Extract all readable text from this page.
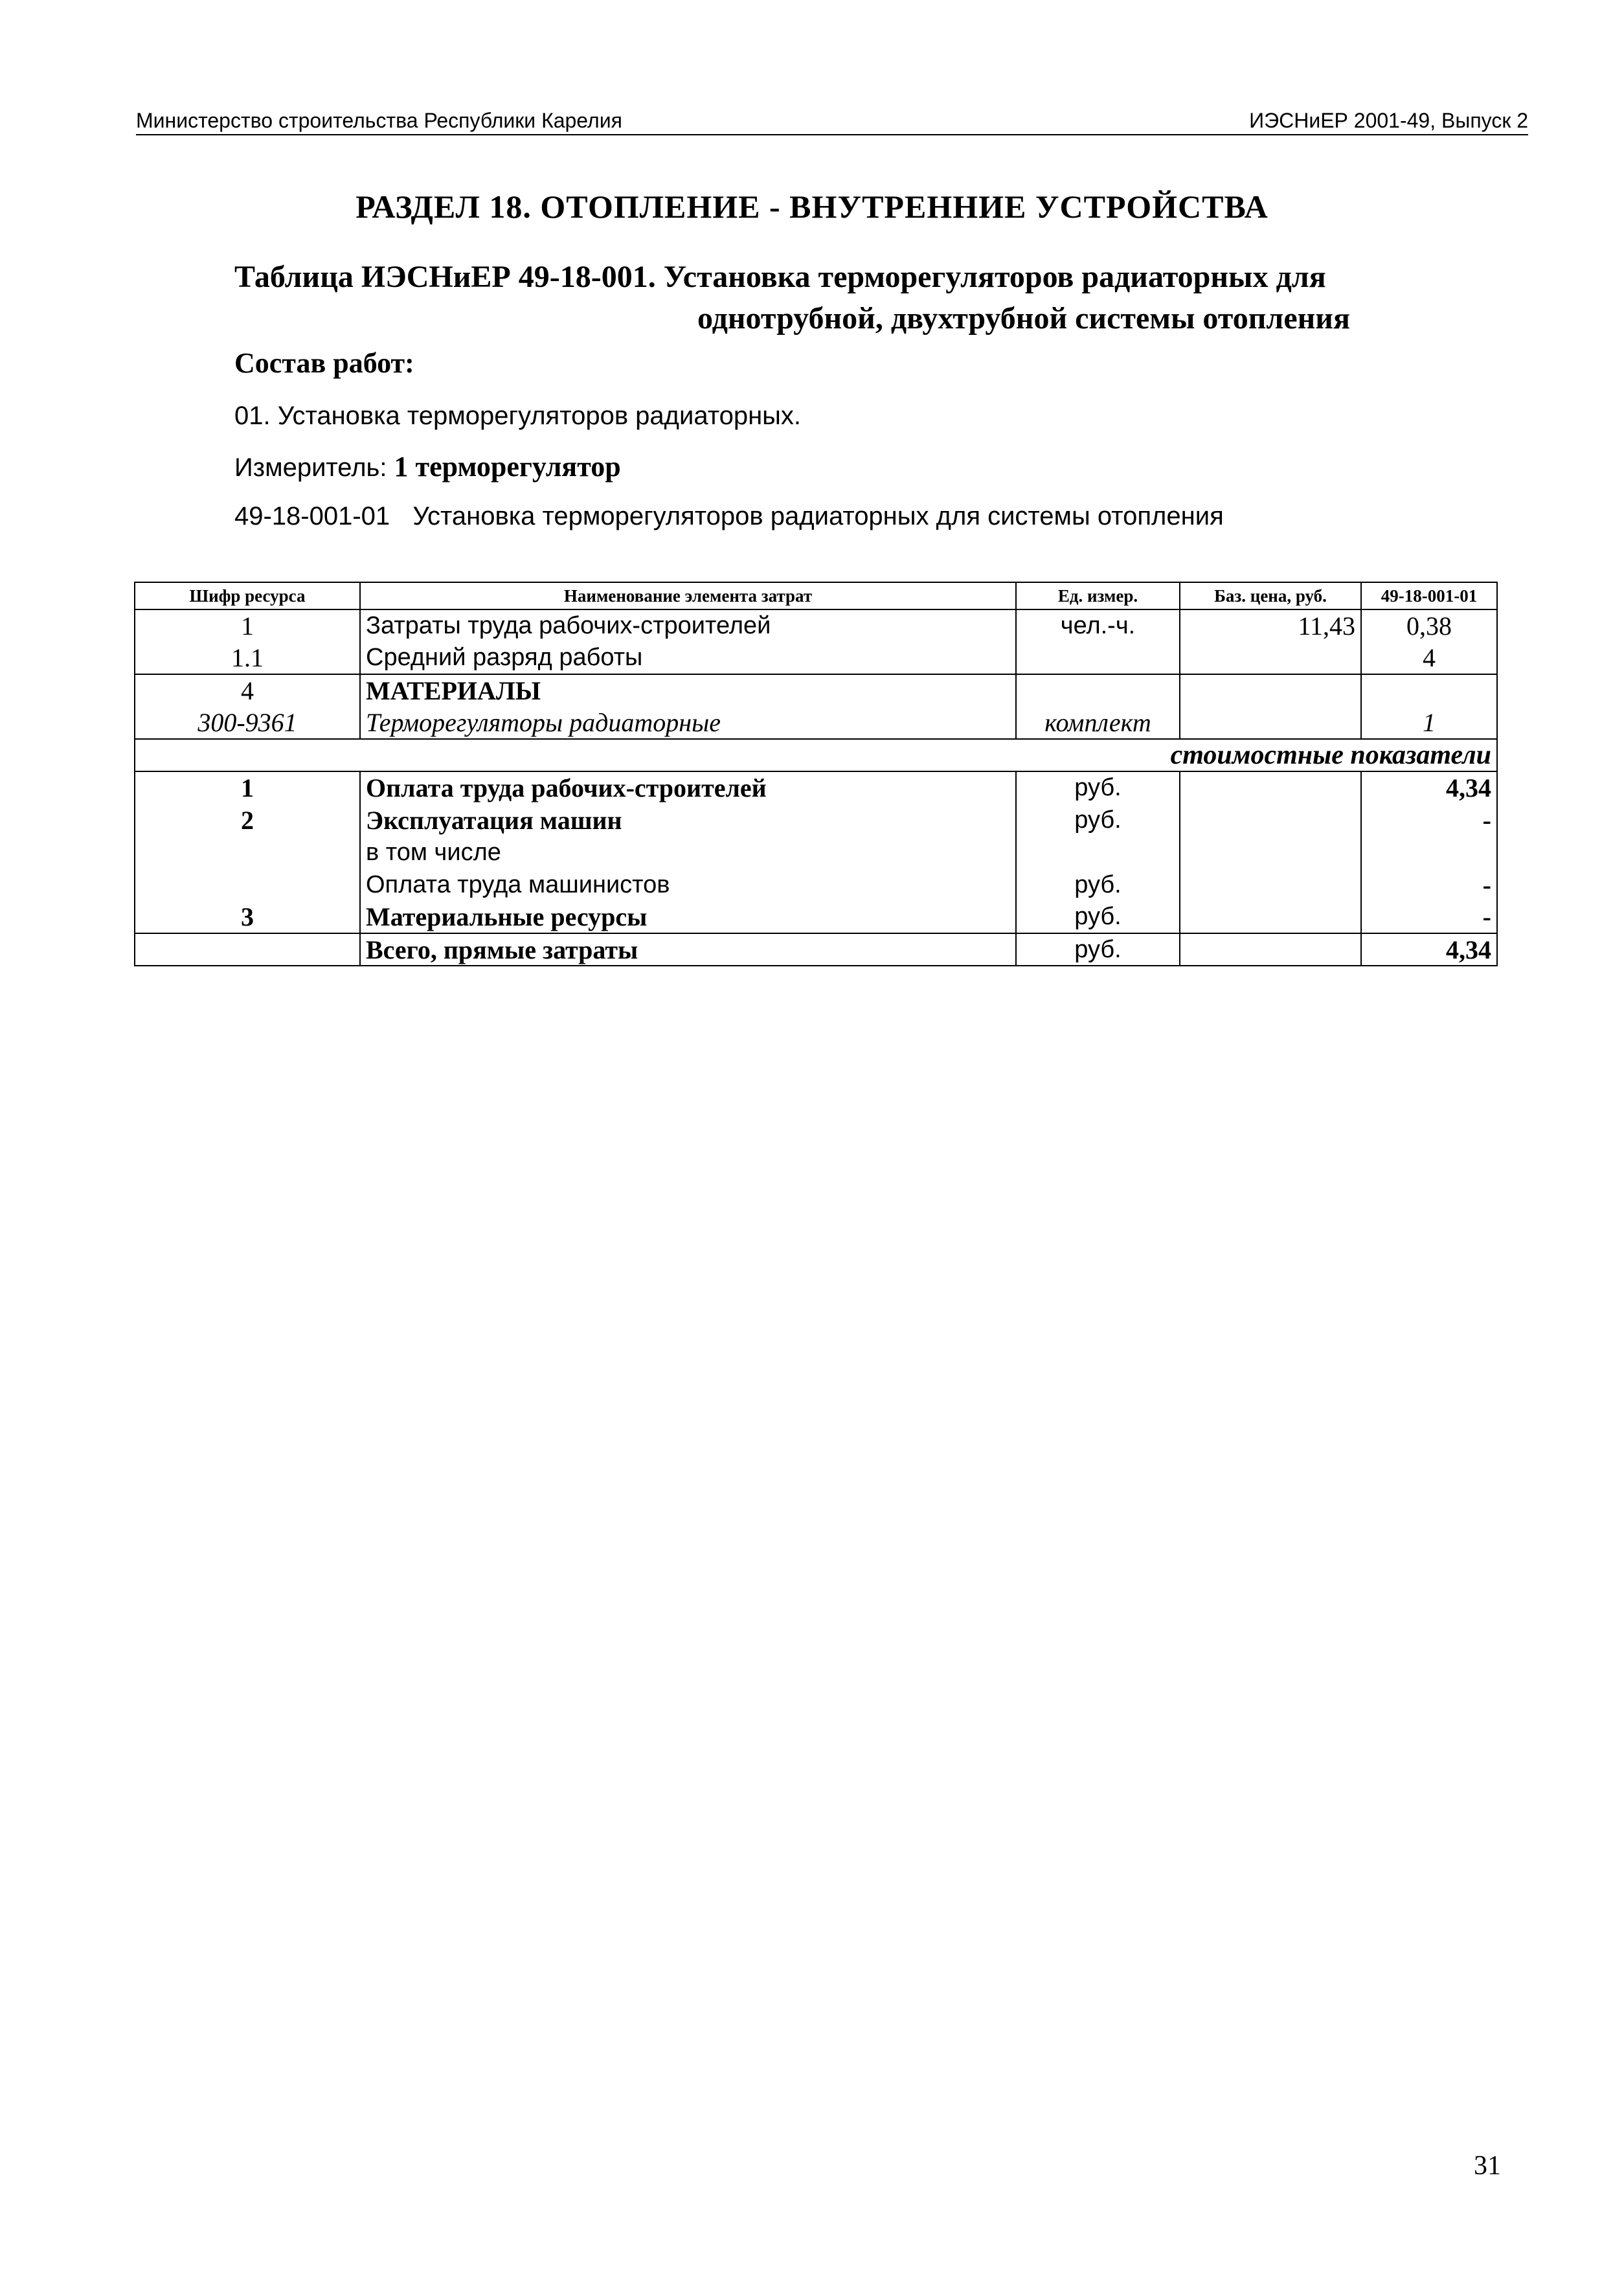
Министерство строительства Республики Карелия	ИЭСНиЕР 2001-49, Выпуск 2
РАЗДЕЛ 18. ОТОПЛЕНИЕ - ВНУТРЕННИЕ УСТРОЙСТВА
Таблица ИЭСНиЕР 49-18-001. Установка терморегуляторов радиаторных для
однотрубной, двухтрубной системы отопления
Состав работ:
01. Установка терморегуляторов радиаторных.
Измеритель: 1 терморегулятор
49-18-001-01 Установка терморегуляторов радиаторных для системы отопления
Шифр ресурса	Наименование элемента затрат	Ед. измер.	Баз. цена, руб.	49-18-001-01
1	Затраты труда рабочих-строителей	чел.-ч.	11,43	0,38
1.1	Средний разряд работы			4
4	МАТЕРИАЛЫ			
300-9361	Терморегуляторы радиаторные	комплект		1
стоимостные показатели				
1	Оплата труда рабочих-строителей	руб.		4,34
2	Эксплуатация машин	руб.		-
	в том числе			
	Оплата труда машинистов	руб.		-
3	Материальные ресурсы	руб.		-
	Всего, прямые затраты	руб.		4,34
31
